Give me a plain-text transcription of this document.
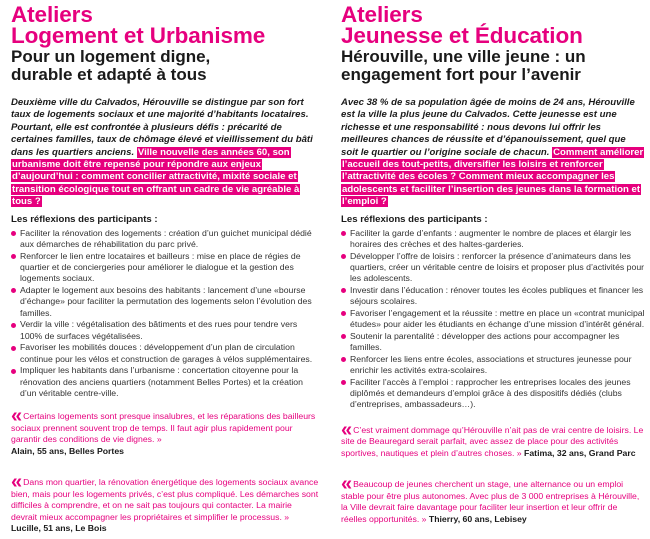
Ateliers
Logement et Urbanisme
Pour un logement digne,
durable et adapté à tous
Deuxième ville du Calvados, Hérouville se distingue par son fort taux de logements sociaux et une majorité d’habitants locataires. Pourtant, elle est confrontée à plusieurs défis : précarité de certaines familles, taux de chômage élevé et vieillissement du bâti dans les quartiers anciens. Ville nouvelle des années 60, son urbanisme doit être repensé pour répondre aux enjeux d’aujourd’hui : comment concilier attractivité, mixité sociale et transition écologique tout en offrant un cadre de vie agréable à tous ?
Les réflexions des participants :
Faciliter la rénovation des logements : création d’un guichet municipal dédié aux démarches de réhabilitation du parc privé.
Renforcer le lien entre locataires et bailleurs : mise en place de régies de quartier et de conciergeries pour améliorer le dialogue et la gestion des logements sociaux.
Adapter le logement aux besoins des habitants : lancement d’une «bourse d’échange» pour faciliter la permutation des logements selon l’évolution des familles.
Verdir la ville : végétalisation des bâtiments et des rues pour tendre vers 100% de surfaces végétalisées.
Favoriser les mobilités douces : développement d’un plan de circulation continue pour les vélos et construction de garages à vélos supplémentaires.
Impliquer les habitants dans l’urbanisme : concertation citoyenne pour la rénovation des anciens quartiers (notamment Belles Portes) et la création d’un véritable centre-ville.
« Certains logements sont presque insalubres, et les réparations des bailleurs sociaux prennent souvent trop de temps. Il faut agir plus rapidement pour garantir des conditions de vie dignes. »
Alain, 55 ans, Belles Portes
« Dans mon quartier, la rénovation énergétique des logements sociaux avance bien, mais pour les logements privés, c’est plus compliqué. Les démarches sont difficiles à comprendre, et on ne sait pas toujours qui contacter. La mairie devrait mieux accompagner les propriétaires et simplifier le processus. » Lucille, 51 ans, Le Bois
Ateliers
Jeunesse et Éducation
Hérouville, une ville jeune : un
engagement fort pour l’avenir
Avec 38 % de sa population âgée de moins de 24 ans, Hérouville est la ville la plus jeune du Calvados. Cette jeunesse est une richesse et une responsabilité : nous devons lui offrir les meilleures chances de réussite et d’épanouissement, quel que soit le quartier ou l’origine sociale de chacun. Comment améliorer l’accueil des tout-petits, diversifier les loisirs et renforcer l’attractivité des écoles ? Comment mieux accompagner les adolescents et faciliter l’insertion des jeunes dans la formation et l’emploi ?
Les réflexions des participants :
Faciliter la garde d’enfants : augmenter le nombre de places et élargir les horaires des crèches et des haltes-garderies.
Développer l’offre de loisirs : renforcer la présence d’animateurs dans les quartiers, créer un véritable centre de loisirs et proposer plus d’activités pour les adolescents.
Investir dans l’éducation : rénover toutes les écoles publiques et financer les séjours scolaires.
Favoriser l’engagement et la réussite : mettre en place un «contrat municipal études» pour aider les étudiants en échange d’une mission d’intérêt général.
Soutenir la parentalité : développer des actions pour accompagner les familles.
Renforcer les liens entre écoles, associations et structures jeunesse pour enrichir les activités extra-scolaires.
Faciliter l’accès à l’emploi : rapprocher les entreprises locales des jeunes diplômés et demandeurs d’emploi grâce à des dispositifs dédiés (clubs d’entreprises, ambassadeurs…).
« C’est vraiment dommage qu’Hérouville n’ait pas de vrai centre de loisirs. Le site de Beauregard serait parfait, avec assez de place pour des activités sportives, nautiques et plein d’autres choses. » Fatima, 32 ans, Grand Parc
« Beaucoup de jeunes cherchent un stage, une alternance ou un emploi stable pour être plus autonomes. Avec plus de 3 000 entreprises à Hérouville, la Ville devrait faire davantage pour faciliter leur insertion et leur offrir de réelles opportunités. » Thierry, 60 ans, Lebisey
